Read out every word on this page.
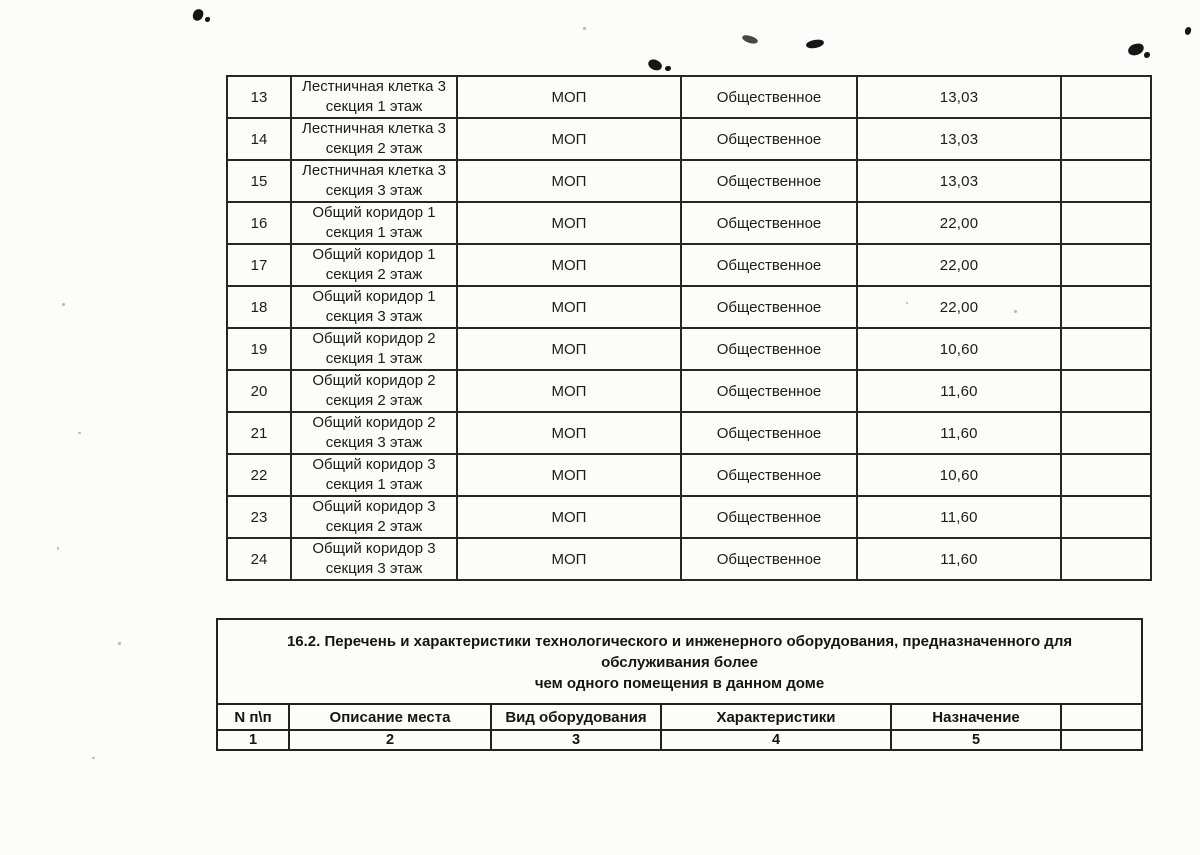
13	Лестничная клетка 3
секция 1 этаж	МОП	Общественное	13,03	
14	Лестничная клетка 3
секция 2 этаж	МОП	Общественное	13,03	
15	Лестничная клетка 3
секция 3 этаж	МОП	Общественное	13,03	
16	Общий коридор 1
секция 1 этаж	МОП	Общественное	22,00	
17	Общий коридор 1
секция 2 этаж	МОП	Общественное	22,00	
18	Общий коридор 1
секция 3 этаж	МОП	Общественное	22,00	
19	Общий коридор 2
секция 1 этаж	МОП	Общественное	10,60	
20	Общий коридор 2
секция 2 этаж	МОП	Общественное	11,60	
21	Общий коридор 2
секция 3 этаж	МОП	Общественное	11,60	
22	Общий коридор 3
секция 1 этаж	МОП	Общественное	10,60	
23	Общий коридор 3
секция 2 этаж	МОП	Общественное	11,60	
24	Общий коридор 3
секция 3 этаж	МОП	Общественное	11,60	
16.2. Перечень и характеристики технологического и инженерного оборудования, предназначенного для обслуживания более
чем одного помещения в данном доме					

N п\п	Описание места	Вид оборудования	Характеристики	Назначение	
1	2	3	4	5	
